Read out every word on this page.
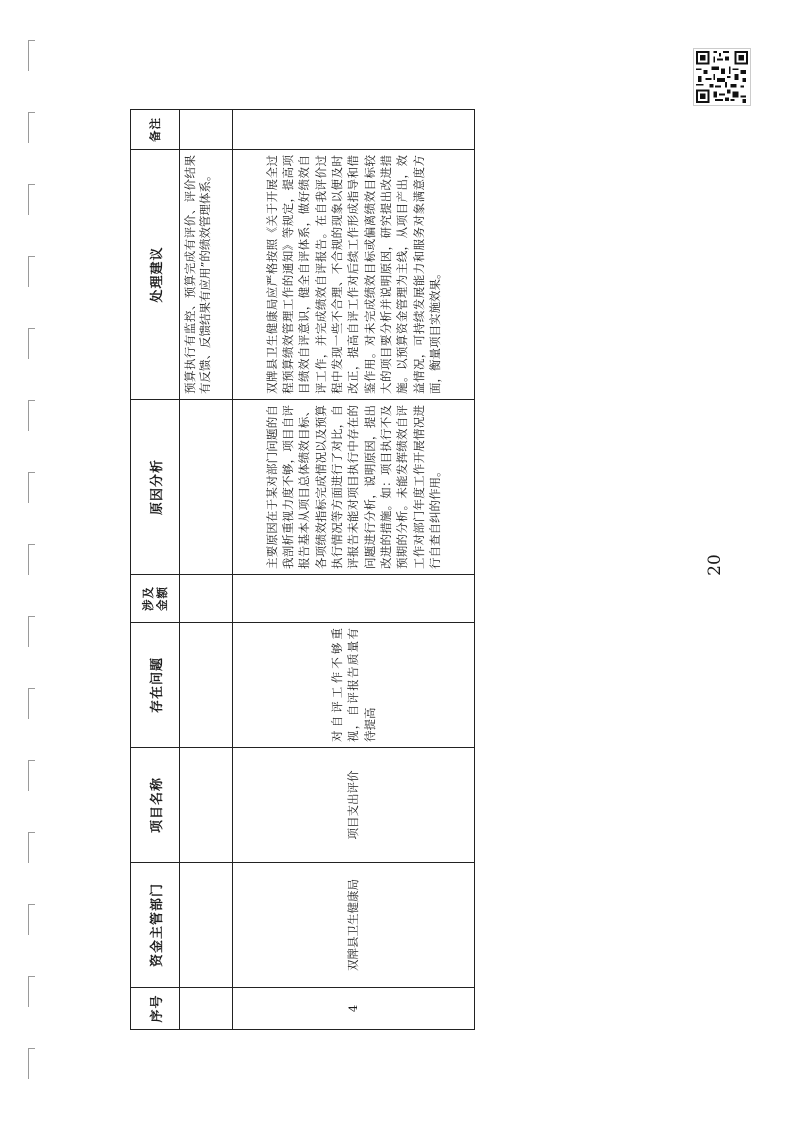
序号	资金主管部门	项目名称	存在问题	涉及金额	原因分析	处理建议	备注
						预算执行有监控、预算完成有评价、评价结果有反馈、反馈结果有应用”的绩效管理体系。	
4	双牌县卫生健康局	项目支出评价	对自评工作不够重视，自评报告质量有待提高		主要原因在于某对部门问题的自我剖析重视力度不够，项目自评报告基本从项目总体绩效目标、各项绩效指标完成情况以及预算执行情况等方面进行了对比，自评报告未能对项目执行中存在的问题进行分析，说明原因，提出改进的措施。如：项目执行不及预期的分析。未能发挥绩效自评工作对部门年度工作开展情况进行自查自纠的作用。	双牌县卫生健康局应严格按照《关于开展全过程预算绩效管理工作的通知》等规定，提高项目绩效自评意识，健全自评体系，做好绩效自评工作，并完成绩效自评报告。在自我评价过程中发现一些不合理、不合规的现象以便及时改正，提高自评工作对后续工作形成指导和借鉴作用。对未完成绩效目标或偏离绩效目标较大的项目要分析并说明原因，研究提出改进措施。以预算资金管理为主线，从项目产出，效益情况，可持续发展能力和服务对象满意度方面，衡量项目实施效果。	
20
